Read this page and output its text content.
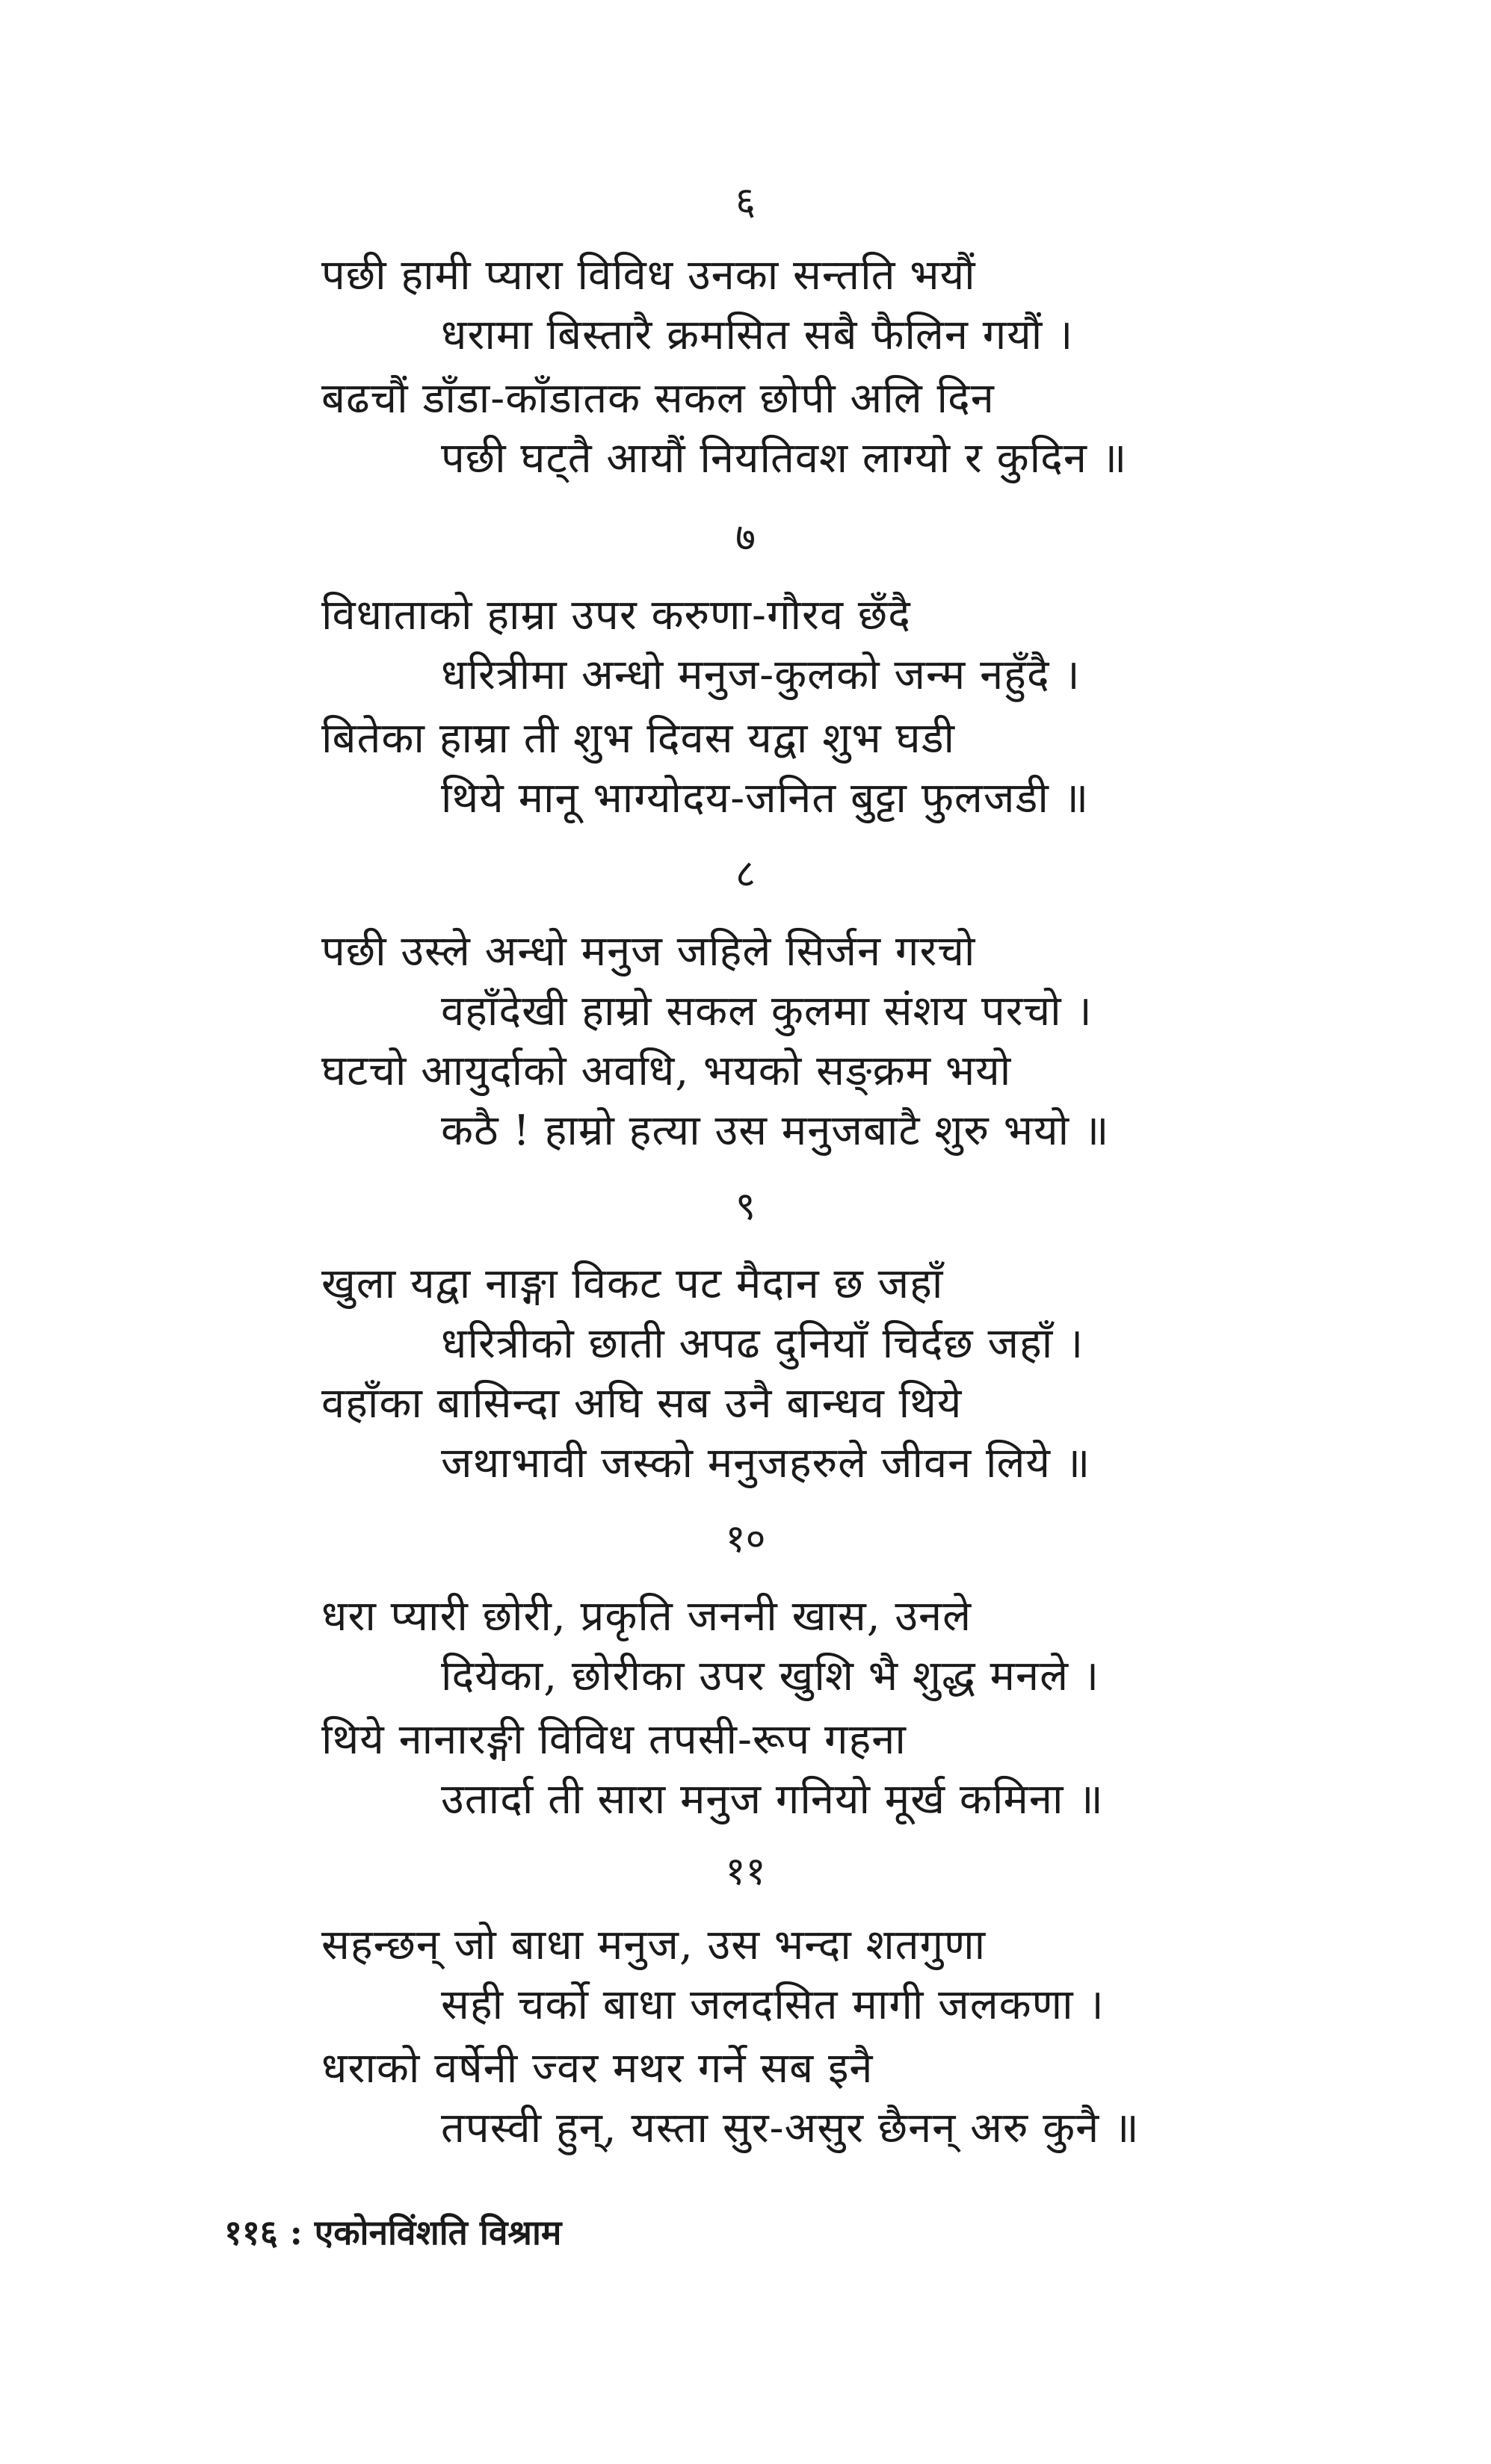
६
पछी हामी प्यारा विविध उनका सन्तति भयौं
धरामा बिस्तारै क्रमसित सबै फैलिन गयौं ।
बढचौं डाँडा-काँडातक सकल छोपी अलि दिन
पछी घट्तै आयौं नियतिवश लाग्यो र कुदिन ॥
७
विधाताको हाम्रा उपर करुणा-गौरव छँदै
धरित्रीमा अन्धो मनुज-कुलको जन्म नहुँदै ।
बितेका हाम्रा ती शुभ दिवस यद्वा शुभ घडी
थिये मानू भाग्योदय-जनित बुट्टा फुलजडी ॥
८
पछी उस्ले अन्धो मनुज जहिले सिर्जन गरचो
वहाँदेखी हाम्रो सकल कुलमा संशय परचो ।
घटचो आयुर्दाको अवधि, भयको सङ्क्रम भयो
कठै ! हाम्रो हत्या उस मनुजबाटै शुरु भयो ॥
९
खुला यद्वा नाङ्गा विकट पट मैदान छ जहाँ
धरित्रीको छाती अपढ दुनियाँ चिर्दछ जहाँ ।
वहाँका बासिन्दा अघि सब उनै बान्धव थिये
जथाभावी जस्को मनुजहरुले जीवन लिये ॥
१०
धरा प्यारी छोरी, प्रकृति जननी खास, उनले
दियेका, छोरीका उपर खुशि भै शुद्ध मनले ।
थिये नानारङ्गी विविध तपसी-रूप गहना
उतार्दा ती सारा मनुज गनियो मूर्ख कमिना ॥
११
सहन्छन् जो बाधा मनुज, उस भन्दा शतगुणा
सही चर्को बाधा जलदसित मागी जलकणा ।
धराको वर्षेनी ज्वर मथर गर्ने सब इनै
तपस्वी हुन्, यस्ता सुर-असुर छैनन् अरु कुनै ॥
११६ : एकोनविंशति विश्राम
